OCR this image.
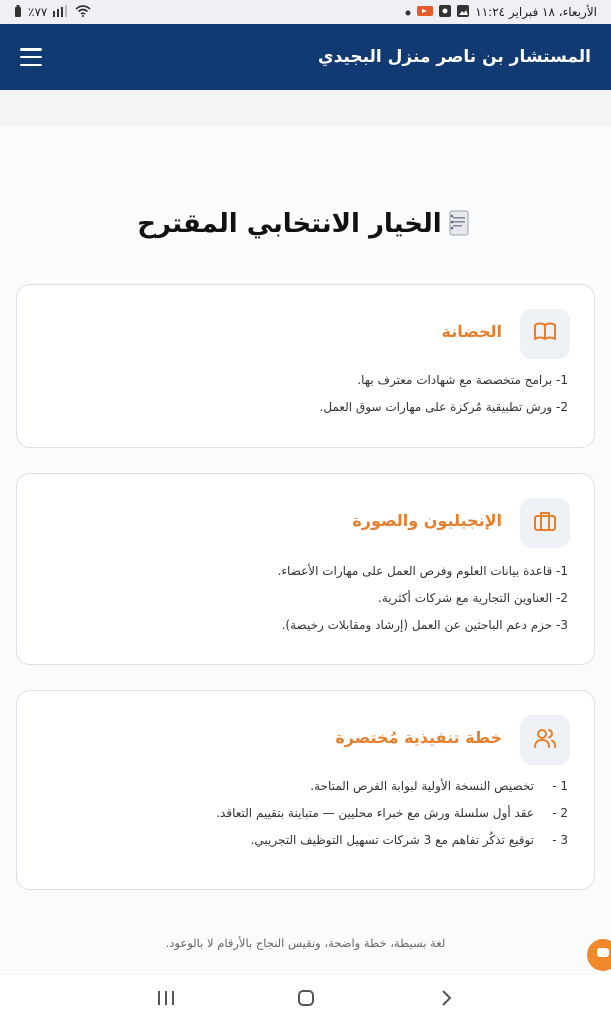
٪٧٧	الأربعاء، ١٨ فبراير ١١:٢٤
المستشار بن ناصر منزل البجيدي
الخيار الانتخابي المقترح
الحضانة
1- برامج متخصصة مع شهادات معترف بها.
2- ورش تطبيقية مُركزة على مهارات سوق العمل.
الإنجيليون والصورة
1- قاعدة بيانات العلوم وفرص العمل على مهارات الأعضاء.
2- العناوين التجارية مع شركات أكثرية.
3- حزم دعم الباحثين عن العمل (إرشاد ومقابلات رخيصة).
خطة تنفيذية مُختصرة
1 -
تخصيص النسخة الأولية لبوابة الفرص المتاحة.
2 -
عقد أول سلسلة ورش مع خبراء محليين — متباينة بتقييم التعاقد.
3 -
توقيع تذكُر تفاهم مع 3 شركات تسهيل التوظيف التجريبي.
لغة بسيطة، خطة واضحة، ونقيس النجاح بالأرقام لا بالوعود.
